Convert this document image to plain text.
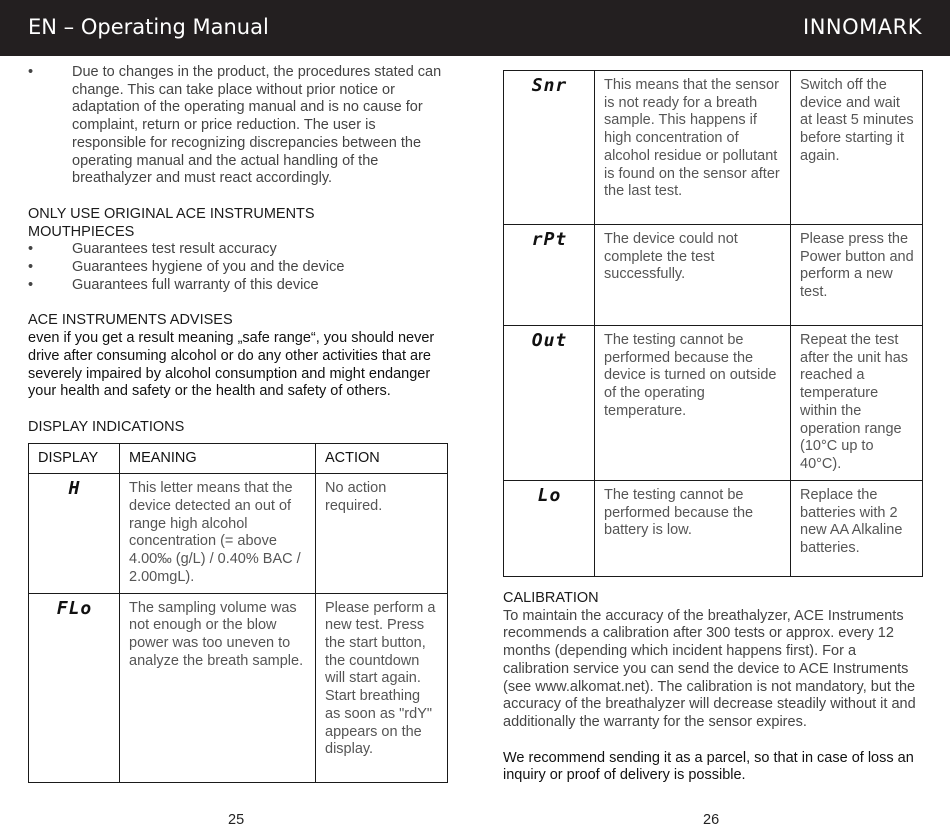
EN – Operating Manual	INNOMARK
•	Due to changes in the product, the procedures stated can change. This can take place without prior notice or adaptation of the operating manual and is no cause for complaint, return or price reduction. The user is responsible for recognizing discrepancies between the operating manual and the actual handling of the breathalyzer and must react accordingly.
ONLY USE ORIGINAL ACE INSTRUMENTS
MOUTHPIECES
•	Guarantees test result accuracy
•	Guarantees hygiene of you and the device
•	Guarantees full warranty of this device
ACE INSTRUMENTS ADVISES
even if you get a result meaning „safe range“, you should never drive after consuming alcohol or do any other activities that are severely impaired by alcohol consumption and might endanger your health and safety or the health and safety of others.
DISPLAY INDICATIONS
DISPLAY	MEANING	ACTION
H	This letter means that the device detected an out of range high alcohol concentration (= above 4.00‰ (g/L) / 0.40% BAC / 2.00mgL).	No action required.
FLo	The sampling volume was not enough or the blow power was too uneven to analyze the breath sample.	Please perform a new test. Press the start button, the countdown will start again. Start breathing as soon as "rdY" appears on the display.
25
Snr	This means that the sensor is not ready for a breath sample. This happens if high concentration of alcohol residue or pollutant is found on the sensor after the last test.	Switch off the device and wait at least 5 minutes before starting it again.
rPt	The device could not complete the test successfully.	Please press the Power button and perform a new test.
Out	The testing cannot be performed because the device is turned on outside of the operating temperature.	Repeat the test after the unit has reached a temperature within the operation range (10°C up to 40°C).
Lo	The testing cannot be performed because the battery is low.	Replace the batteries with 2 new AA Alkaline batteries.
CALIBRATION
To maintain the accuracy of the breathalyzer, ACE Instruments recommends a calibration after 300 tests or approx. every 12 months (depending which incident happens first). For a calibration service you can send the device to ACE Instruments (see www.alkomat.net). The calibration is not mandatory, but the accuracy of the breathalyzer will decrease steadily without it and additionally the warranty for the sensor expires.
We recommend sending it as a parcel, so that in case of loss an inquiry or proof of delivery is possible.
26
